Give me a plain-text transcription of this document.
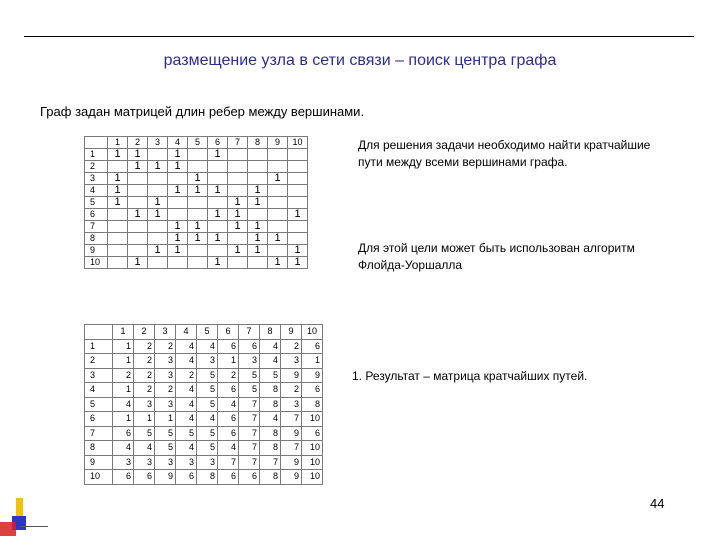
размещение узла в сети связи – поиск центра графа
Граф задан матрицей длин ребер между вершинами.
	1	2	3	4	5	6	7	8	9	10
1	1	1		1		1				
2		1	1	1						
3	1				1				1	
4	1			1	1	1		1		
5	1		1				1	1		
6		1	1			1	1			1
7				1	1		1	1		
8				1	1	1		1	1	
9			1	1			1	1		1
10		1				1			1	1
	1	2	3	4	5	6	7	8	9	10
1	1	2	2	4	4	6	6	4	2	6
2	1	2	3	4	3	1	3	4	3	1
3	2	2	3	2	5	2	5	5	9	9
4	1	2	2	4	5	6	5	8	2	6
5	4	3	3	4	5	4	7	8	3	8
6	1	1	1	4	4	6	7	4	7	10
7	6	5	5	5	5	6	7	8	9	6
8	4	4	5	4	5	4	7	8	7	10
9	3	3	3	3	3	7	7	7	9	10
10	6	6	9	6	8	6	6	8	9	10
Для решения задачи необходимо найти кратчайшие пути между всеми вершинами графа.
Для этой цели может быть использован алгоритм Флойда-Уоршалла
1. Результат – матрица кратчайших путей.
44
